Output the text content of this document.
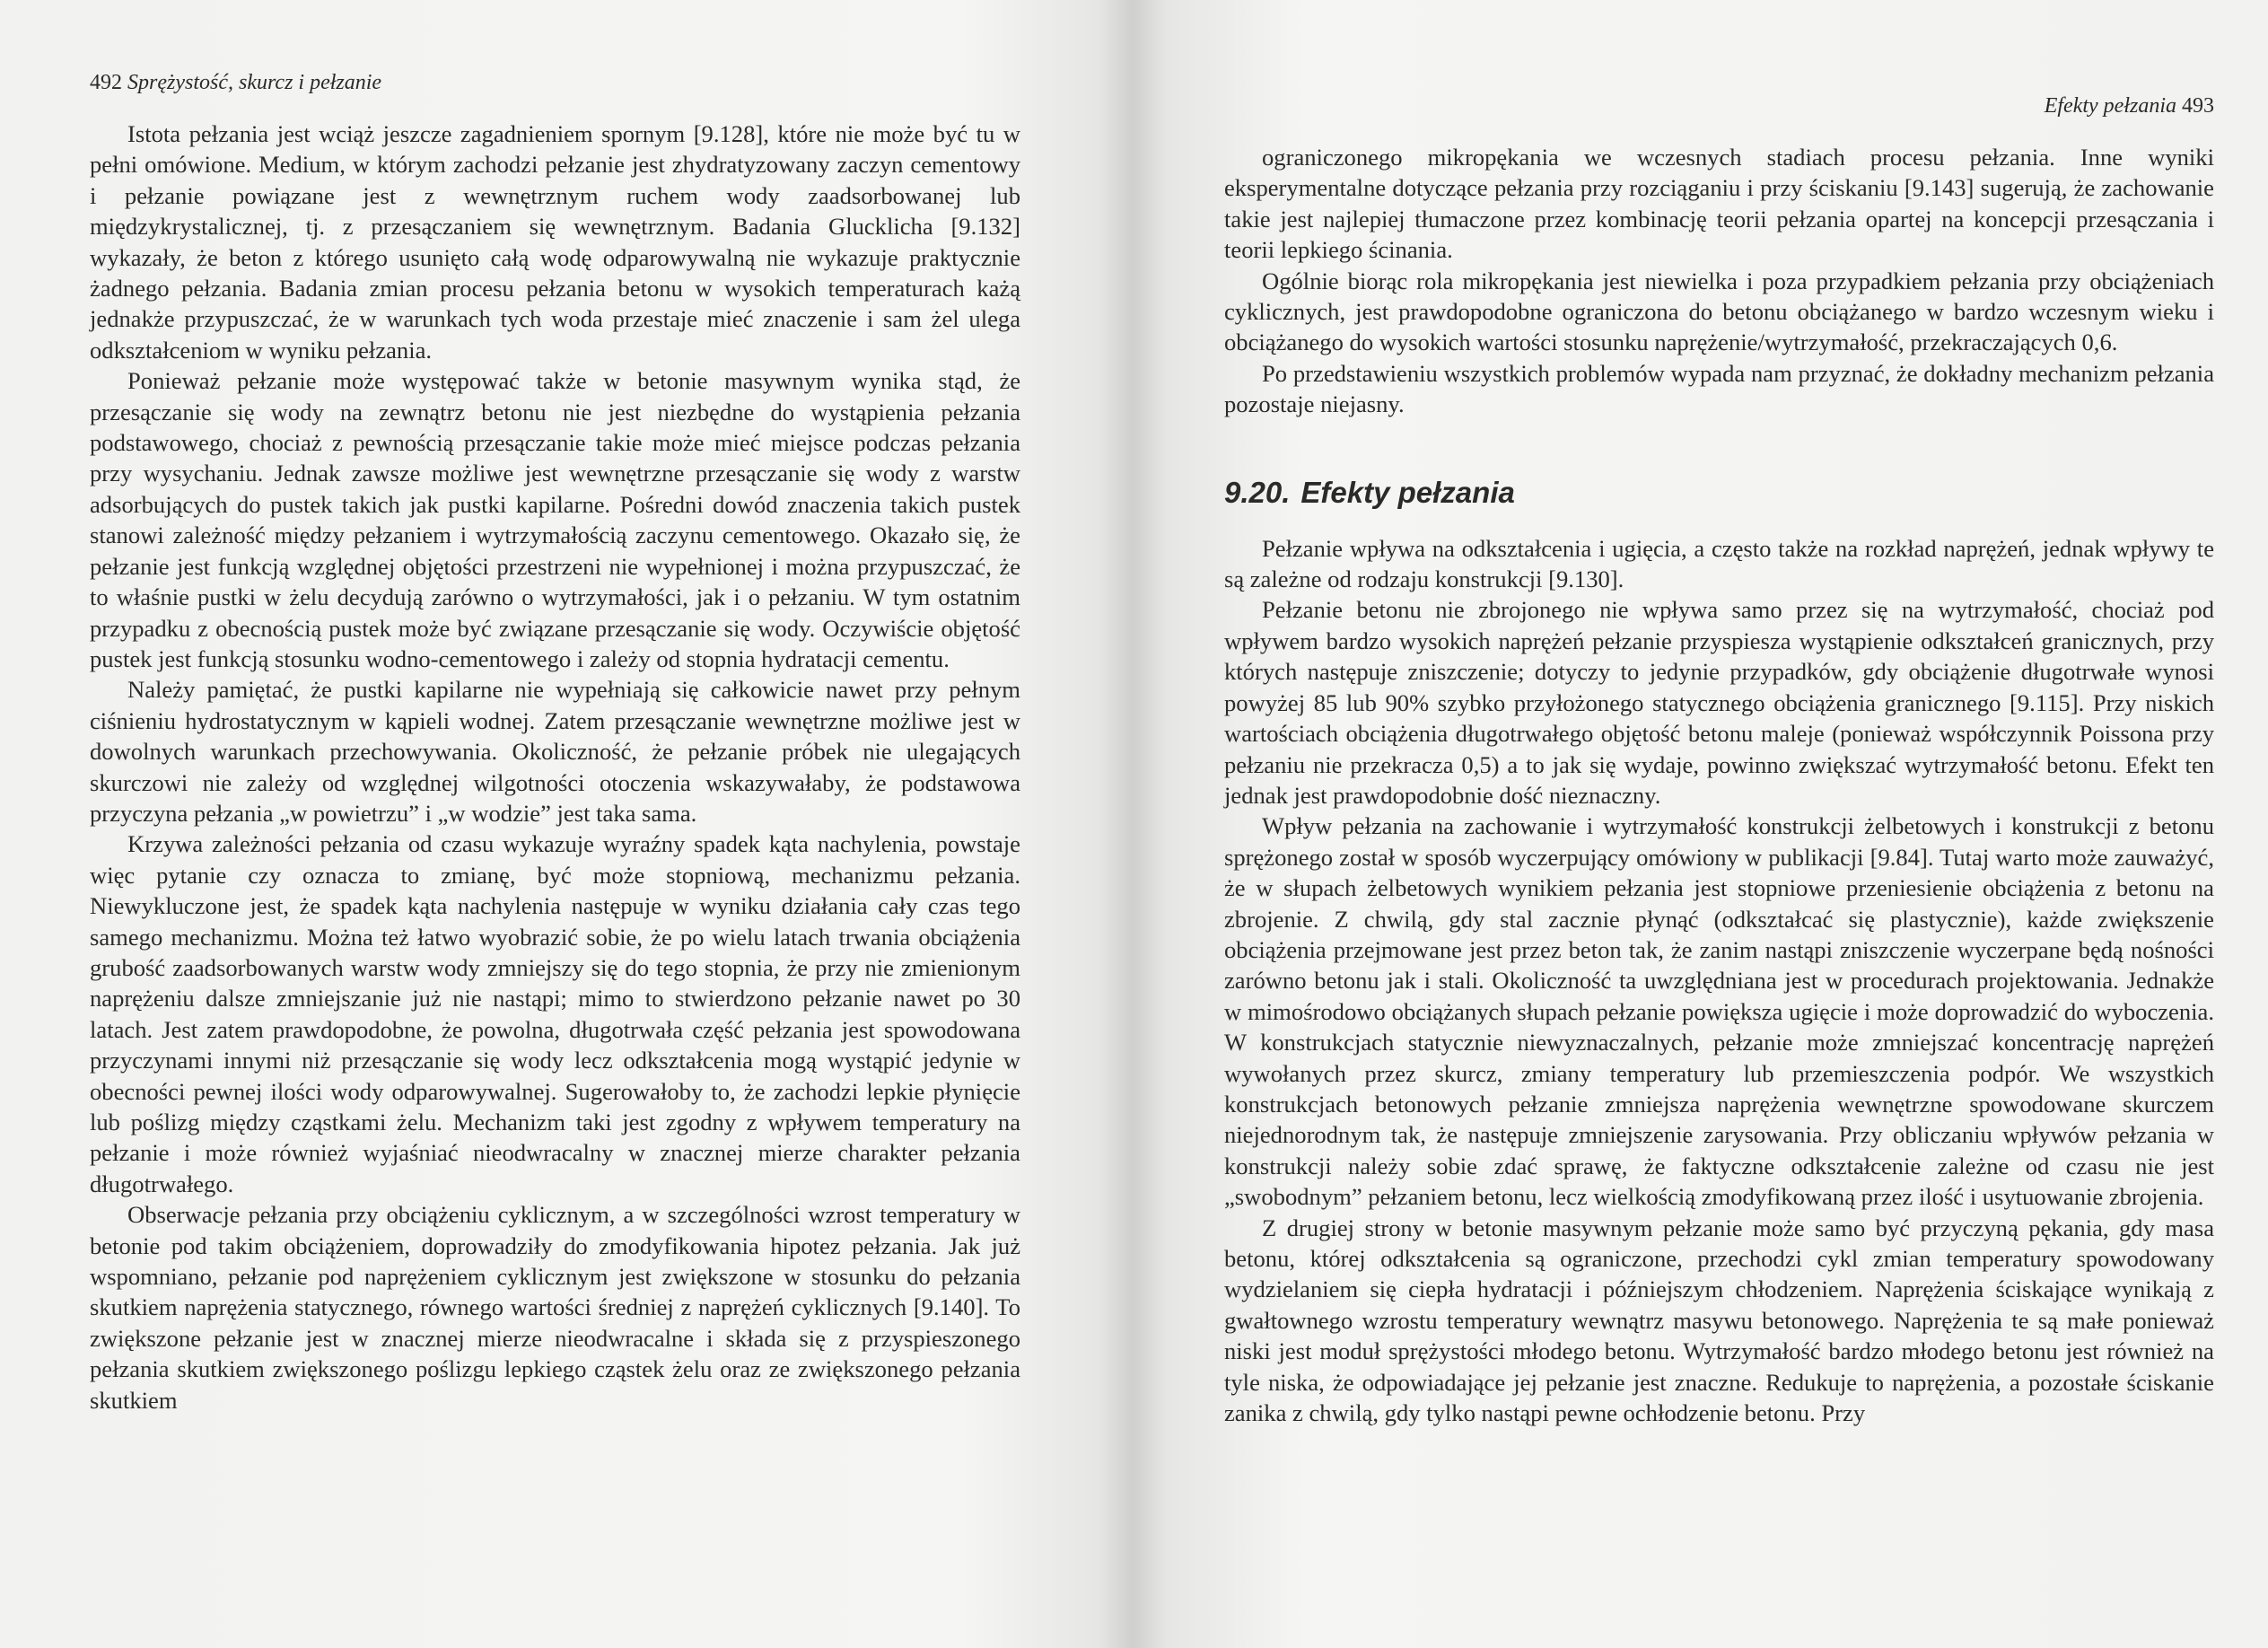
492 Sprężystość, skurcz i pełzanie

Istota pełzania jest wciąż jeszcze zagadnieniem spornym [9.128], które nie może być tu w pełni omówione. Medium, w którym zachodzi pełzanie jest zhydratyzowany zaczyn cementowy i pełzanie powiązane jest z wewnętrznym ruchem wody zaadsorbowanej lub międzykrystalicznej, tj. z przesączaniem się wewnętrznym. Badania Glucklicha [9.132] wykazały, że beton z którego usunięto całą wodę odparowywalną nie wykazuje praktycznie żadnego pełzania. Badania zmian procesu pełzania betonu w wysokich temperaturach każą jednakże przypuszczać, że w warunkach tych woda przestaje mieć znaczenie i sam żel ulega odkształceniom w wyniku pełzania.

Ponieważ pełzanie może występować także w betonie masywnym wynika stąd, że przesączanie się wody na zewnątrz betonu nie jest niezbędne do wystąpienia pełzania podstawowego, chociaż z pewnością przesączanie takie może mieć miejsce podczas pełzania przy wysychaniu. Jednak zawsze możliwe jest wewnętrzne przesączanie się wody z warstw adsorbujących do pustek takich jak pustki kapilarne. Pośredni dowód znaczenia takich pustek stanowi zależność między pełzaniem i wytrzymałością zaczynu cementowego. Okazało się, że pełzanie jest funkcją względnej objętości przestrzeni nie wypełnionej i można przypuszczać, że to właśnie pustki w żelu decydują zarówno o wytrzymałości, jak i o pełzaniu. W tym ostatnim przypadku z obecnością pustek może być związane przesączanie się wody. Oczywiście objętość pustek jest funkcją stosunku wodno-cementowego i zależy od stopnia hydratacji cementu.

Należy pamiętać, że pustki kapilarne nie wypełniają się całkowicie nawet przy pełnym ciśnieniu hydrostatycznym w kąpieli wodnej. Zatem przesączanie wewnętrzne możliwe jest w dowolnych warunkach przechowywania. Okoliczność, że pełzanie próbek nie ulegających skurczowi nie zależy od względnej wilgotności otoczenia wskazywałaby, że podstawowa przyczyna pełzania „w powietrzu” i „w wodzie” jest taka sama.

Krzywa zależności pełzania od czasu wykazuje wyraźny spadek kąta nachylenia, powstaje więc pytanie czy oznacza to zmianę, być może stopniową, mechanizmu pełzania. Niewykluczone jest, że spadek kąta nachylenia następuje w wyniku działania cały czas tego samego mechanizmu. Można też łatwo wyobrazić sobie, że po wielu latach trwania obciążenia grubość zaadsorbowanych warstw wody zmniejszy się do tego stopnia, że przy nie zmienionym naprężeniu dalsze zmniejszanie już nie nastąpi; mimo to stwierdzono pełzanie nawet po 30 latach. Jest zatem prawdopodobne, że powolna, długotrwała część pełzania jest spowodowana przyczynami innymi niż przesączanie się wody lecz odkształcenia mogą wystąpić jedynie w obecności pewnej ilości wody odparowywalnej. Sugerowałoby to, że zachodzi lepkie płynięcie lub poślizg między cząstkami żelu. Mechanizm taki jest zgodny z wpływem temperatury na pełzanie i może również wyjaśniać nieodwracalny w znacznej mierze charakter pełzania długotrwałego.

Obserwacje pełzania przy obciążeniu cyklicznym, a w szczególności wzrost temperatury w betonie pod takim obciążeniem, doprowadziły do zmodyfikowania hipotez pełzania. Jak już wspomniano, pełzanie pod naprężeniem cyklicznym jest zwiększone w stosunku do pełzania skutkiem naprężenia statycznego, równego wartości średniej z naprężeń cyklicznych [9.140]. To zwiększone pełzanie jest w znacznej mierze nieodwracalne i składa się z przyspieszonego pełzania skutkiem zwiększonego poślizgu lepkiego cząstek żelu oraz ze zwiększonego pełzania skutkiem

Efekty pełzania 493

ograniczonego mikropękania we wczesnych stadiach procesu pełzania. Inne wyniki eksperymentalne dotyczące pełzania przy rozciąganiu i przy ściskaniu [9.143] sugerują, że zachowanie takie jest najlepiej tłumaczone przez kombinację teorii pełzania opartej na koncepcji przesączania i teorii lepkiego ścinania.

Ogólnie biorąc rola mikropękania jest niewielka i poza przypadkiem pełzania przy obciążeniach cyklicznych, jest prawdopodobne ograniczona do betonu obciążanego w bardzo wczesnym wieku i obciążanego do wysokich wartości stosunku naprężenie/wytrzymałość, przekraczających 0,6.

Po przedstawieniu wszystkich problemów wypada nam przyznać, że dokładny mechanizm pełzania pozostaje niejasny.

9.20. Efekty pełzania

Pełzanie wpływa na odkształcenia i ugięcia, a często także na rozkład naprężeń, jednak wpływy te są zależne od rodzaju konstrukcji [9.130].

Pełzanie betonu nie zbrojonego nie wpływa samo przez się na wytrzymałość, chociaż pod wpływem bardzo wysokich naprężeń pełzanie przyspiesza wystąpienie odkształceń granicznych, przy których następuje zniszczenie; dotyczy to jedynie przypadków, gdy obciążenie długotrwałe wynosi powyżej 85 lub 90% szybko przyłożonego statycznego obciążenia granicznego [9.115]. Przy niskich wartościach obciążenia długotrwałego objętość betonu maleje (ponieważ współczynnik Poissona przy pełzaniu nie przekracza 0,5) a to jak się wydaje, powinno zwiększać wytrzymałość betonu. Efekt ten jednak jest prawdopodobnie dość nieznaczny.

Wpływ pełzania na zachowanie i wytrzymałość konstrukcji żelbetowych i konstrukcji z betonu sprężonego został w sposób wyczerpujący omówiony w publikacji [9.84]. Tutaj warto może zauważyć, że w słupach żelbetowych wynikiem pełzania jest stopniowe przeniesienie obciążenia z betonu na zbrojenie. Z chwilą, gdy stal zacznie płynąć (odkształcać się plastycznie), każde zwiększenie obciążenia przejmowane jest przez beton tak, że zanim nastąpi zniszczenie wyczerpane będą nośności zarówno betonu jak i stali. Okoliczność ta uwzględniana jest w procedurach projektowania. Jednakże w mimośrodowo obciążanych słupach pełzanie powiększa ugięcie i może doprowadzić do wyboczenia. W konstrukcjach statycznie niewyznaczalnych, pełzanie może zmniejszać koncentrację naprężeń wywołanych przez skurcz, zmiany temperatury lub przemieszczenia podpór. We wszystkich konstrukcjach betonowych pełzanie zmniejsza naprężenia wewnętrzne spowodowane skurczem niejednorodnym tak, że następuje zmniejszenie zarysowania. Przy obliczaniu wpływów pełzania w konstrukcji należy sobie zdać sprawę, że faktyczne odkształcenie zależne od czasu nie jest „swobodnym” pełzaniem betonu, lecz wielkością zmodyfikowaną przez ilość i usytuowanie zbrojenia.

Z drugiej strony w betonie masywnym pełzanie może samo być przyczyną pękania, gdy masa betonu, której odkształcenia są ograniczone, przechodzi cykl zmian temperatury spowodowany wydzielaniem się ciepła hydratacji i późniejszym chłodzeniem. Naprężenia ściskające wynikają z gwałtownego wzrostu temperatury wewnątrz masywu betonowego. Naprężenia te są małe ponieważ niski jest moduł sprężystości młodego betonu. Wytrzymałość bardzo młodego betonu jest również na tyle niska, że odpowiadające jej pełzanie jest znaczne. Redukuje to naprężenia, a pozostałe ściskanie zanika z chwilą, gdy tylko nastąpi pewne ochłodzenie betonu. Przy
